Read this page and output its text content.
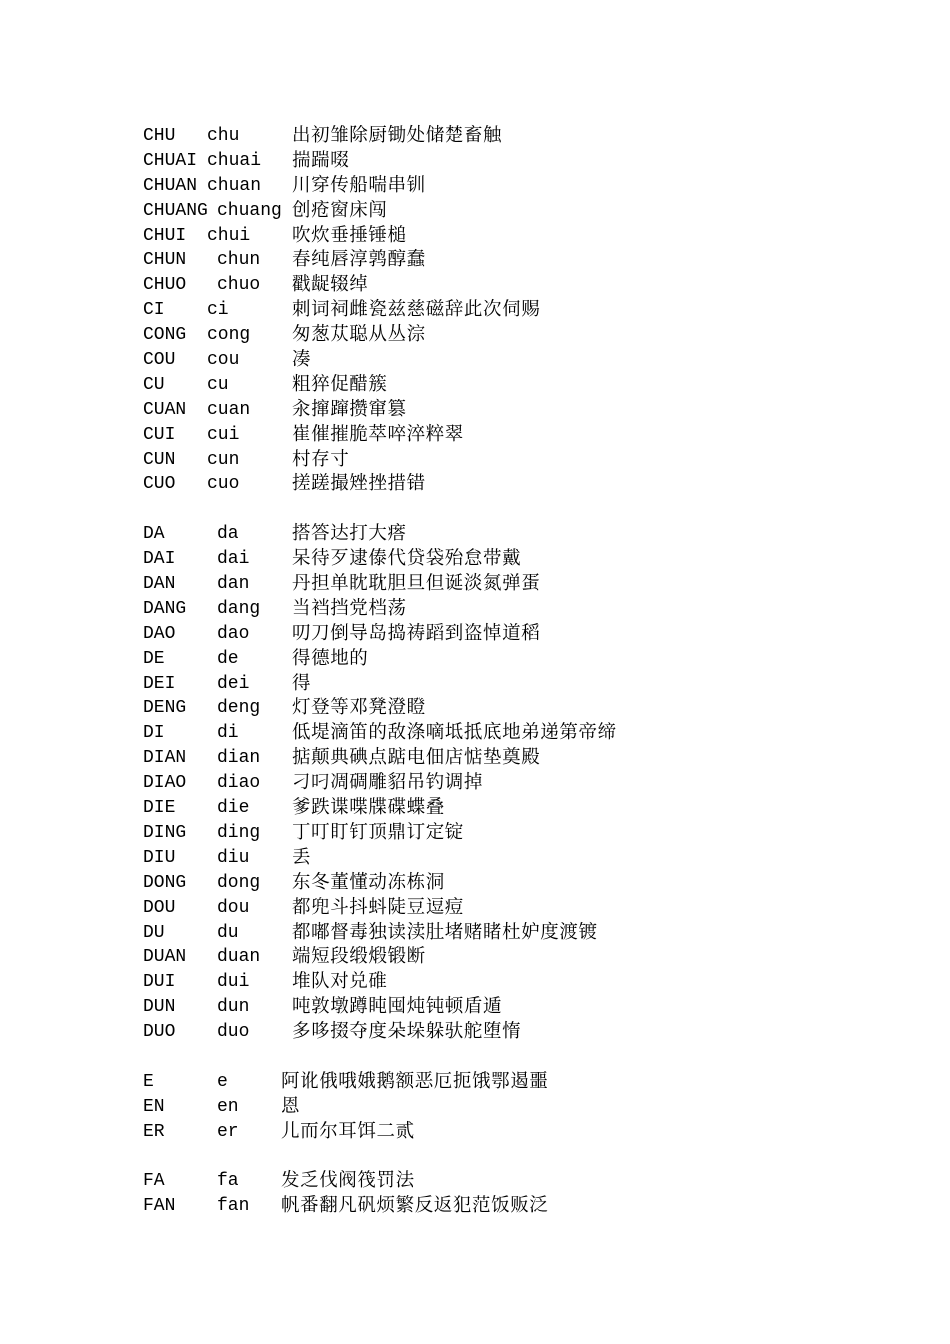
CHU chu	出初雏除厨锄处储楚畜触
CHUAI chuai 揣踹啜
CHUAN chuan 川穿传船喘串钏
CHUANG chuang 创疮窗床闯
CHUI chui 吹炊垂捶锤槌
CHUN chun 春纯唇淳鹑醇蠢
CHUO chuo 戳龊辍绰
CI ci	刺词祠雌瓷兹慈磁辞此次伺赐
CONG cong 匆葱苁聪从丛淙
COU cou	凑
CU cu	粗猝促醋簇
CUAN cuan 汆撺蹿攒窜篡
CUI cui	崔催摧脆萃啐淬粹翠
CUN cun	村存寸
CUO cuo	搓蹉撮矬挫措错
DA	da	搭答达打大瘩
DAI dai 呆待歹逮傣代贷袋殆怠带戴
DAN dan 丹担单眈耽胆旦但诞淡氮弹蛋
DANG dang 当裆挡党档荡
DAO dao 叨刀倒导岛捣祷蹈到盗悼道稻
DE	de	得德地的
DEI dei 得
DENG deng 灯登等邓凳澄瞪
DI	di	低堤滴笛的敌涤嘀坻抵底地弟递第帝缔
DIAN dian 掂颠典碘点踮电佃店惦垫奠殿
DIAO diao 刁叼凋碉雕貂吊钓调掉
DIE die 爹跌谍喋牒碟蝶叠
DING ding 丁叮盯钉顶鼎订定锭
DIU diu 丢
DONG dong 东冬董懂动冻栋洞
DOU dou 都兜斗抖蚪陡豆逗痘
DU	du	都嘟督毒独读渎肚堵赌睹杜妒度渡镀
DUAN duan 端短段缎煅锻断
DUI dui 堆队对兑碓
DUN dun 吨敦墩蹲盹囤炖钝顿盾遁
DUO duo 多哆掇夺度朵垛躲驮舵堕惰
E	e	阿讹俄哦娥鹅额恶厄扼饿鄂遏噩
EN	en 恩
ER	er 儿而尔耳饵二贰
FA	fa 发乏伐阀筏罚法
FAN fan 帆番翻凡矾烦繁反返犯范饭贩泛
